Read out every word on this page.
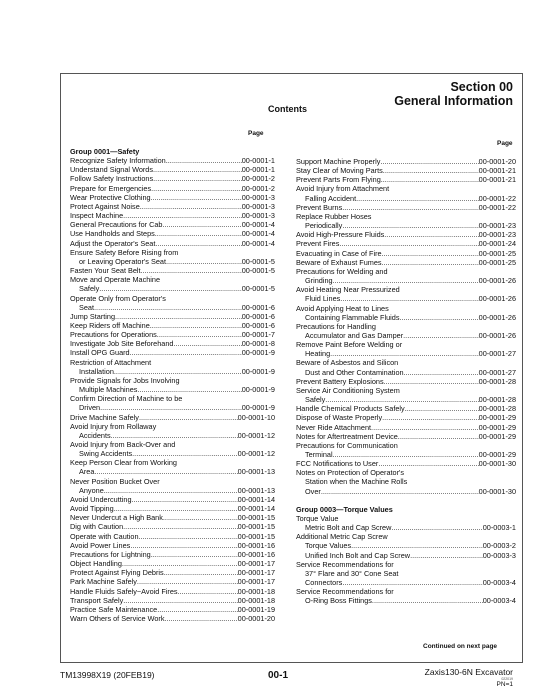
Section 00
General Information
Contents
Page
Page
Group 0001—Safety
Recognize Safety Information .....	00-0001-1
Understand Signal Words .....	00-0001-1
Follow Safety Instructions .....	00-0001-2
Prepare for Emergencies .....	00-0001-2
Wear Protective Clothing .....	00-0001-3
Protect Against Noise .....	00-0001-3
Inspect Machine .....	00-0001-3
General Precautions for Cab .....	00-0001-4
Use Handholds and Steps .....	00-0001-4
Adjust the Operator's Seat .....	00-0001-4
Ensure Safety Before Rising from
or Leaving Operator's Seat .....	00-0001-5
Fasten Your Seat Belt .....	00-0001-5
Move and Operate Machine
Safely .....	00-0001-5
Operate Only from Operator's
Seat .....	00-0001-6
Jump Starting .....	00-0001-6
Keep Riders off Machine .....	00-0001-6
Precautions for Operations .....	00-0001-7
Investigate Job Site Beforehand .....	00-0001-8
Install OPG Guard .....	00-0001-9
Restriction of Attachment
Installation .....	00-0001-9
Provide Signals for Jobs Involving
Multiple Machines .....	00-0001-9
Confirm Direction of Machine to be
Driven .....	00-0001-9
Drive Machine Safely .....	00-0001-10
Avoid Injury from Rollaway
Accidents .....	00-0001-12
Avoid Injury from Back-Over and
Swing Accidents .....	00-0001-12
Keep Person Clear from Working
Area .....	00-0001-13
Never Position Bucket Over
Anyone .....	00-0001-13
Avoid Undercutting .....	00-0001-14
Avoid Tipping .....	00-0001-14
Never Undercut a High Bank .....	00-0001-15
Dig with Caution .....	00-0001-15
Operate with Caution .....	00-0001-15
Avoid Power Lines .....	00-0001-16
Precautions for Lightning .....	00-0001-16
Object Handling .....	00-0001-17
Protect Against Flying Debris .....	00-0001-17
Park Machine Safely .....	00-0001-17
Handle Fluids Safely−Avoid Fires .....	00-0001-18
Transport Safely .....	00-0001-18
Practice Safe Maintenance .....	00-0001-19
Warn Others of Service Work .....	00-0001-20
Support Machine Properly .....	00-0001-20
Stay Clear of Moving Parts .....	00-0001-21
Prevent Parts From Flying .....	00-0001-21
Avoid Injury from Attachment
Falling Accident .....	00-0001-22
Prevent Burns .....	00-0001-22
Replace Rubber Hoses
Periodically .....	00-0001-23
Avoid High-Pressure Fluids .....	00-0001-23
Prevent Fires .....	00-0001-24
Evacuating in Case of Fire .....	00-0001-25
Beware of Exhaust Fumes .....	00-0001-25
Precautions for Welding and
Grinding .....	00-0001-26
Avoid Heating Near Pressurized
Fluid Lines .....	00-0001-26
Avoid Applying Heat to Lines
Containing Flammable Fluids .....	00-0001-26
Precautions for Handling
Accumulator and Gas Damper .....	00-0001-26
Remove Paint Before Welding or
Heating .....	00-0001-27
Beware of Asbestos and Silicon
Dust and Other Contamination .....	00-0001-27
Prevent Battery Explosions .....	00-0001-28
Service Air Conditioning System
Safely .....	00-0001-28
Handle Chemical Products Safely .....	00-0001-28
Dispose of Waste Properly .....	00-0001-29
Never Ride Attachment .....	00-0001-29
Notes for Aftertreatment Device .....	00-0001-29
Precautions for Communication
Terminal .....	00-0001-29
FCC Notifications to User .....	00-0001-30
Notes on Protection of Operator's
Station when the Machine Rolls
Over .....	00-0001-30
Group 0003—Torque Values
Torque Value
Metric Bolt and Cap Screw .....	00-0003-1
Additional Metric Cap Screw
Torque Values .....	00-0003-2
Unified Inch Bolt and Cap Screw .....	00-0003-3
Service Recommendations for
37° Flare and 30° Cone Seat
Connectors .....	00-0003-4
Service Recommendations for
O-Ring Boss Fittings .....	00-0003-4
Continued on next page
TM13998X19 (20FEB19)	00-1	Zaxis130-6N Excavator
022019
PN=1
